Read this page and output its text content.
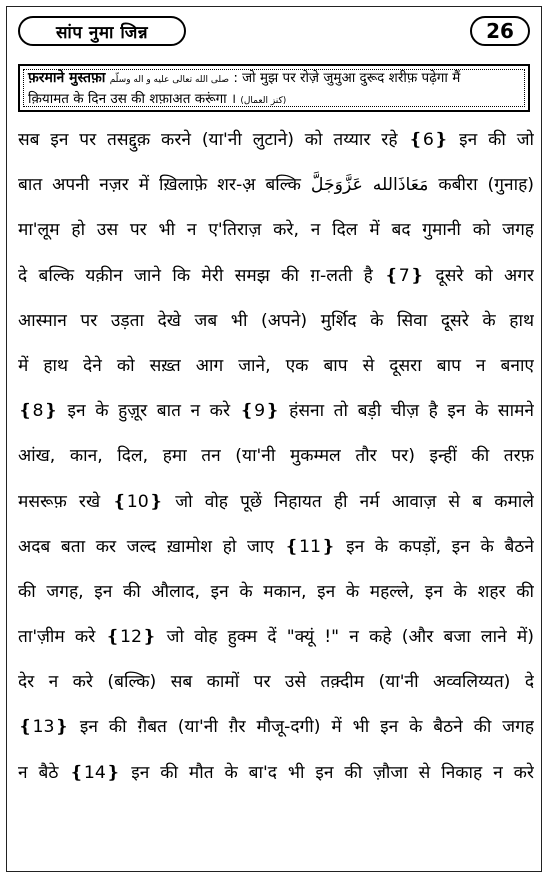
सांप नुमा जिन्न	26
फ़रमाने मुस्तफ़ा صلى الله تعالى عليه و اله وسلّم : जो मुझ पर रोज़े जुमुआ दुरूद शरीफ़ पढ़ेगा मैं
क़ियामत के दिन उस की शफ़ाअत करूंगा । (کنز العمال)
सब इन पर तसद्दुक़ करने (या'नी लुटाने) को तय्यार रहे ❴6❵ इन की जो
बात अपनी नज़र में ख़िलाफ़े शर-अ़ बल्कि مَعَاذَالله عَزَّوَجَلَّ कबीरा (गुनाह)
मा'लूम हो उस पर भी न ए'तिराज़ करे, न दिल में बद गुमानी को जगह
दे बल्कि यक़ीन जाने कि मेरी समझ की ग़-लती है ❴7❵ दूसरे को अगर
आस्मान पर उड़ता देखे जब भी (अपने) मुर्शिद के सिवा दूसरे के हाथ
में हाथ देने को सख़्त आग जाने, एक बाप से दूसरा बाप न बनाए
❴8❵ इन के हुज़ूर बात न करे ❴9❵ हंसना तो बड़ी चीज़ है इन के सामने
आंख, कान, दिल, हमा तन (या'नी मुकम्मल तौर पर) इन्हीं की तरफ़
मसरूफ़ रखे ❴10❵ जो वोह पूछें निहायत ही नर्म आवाज़ से ब कमाले
अदब बता कर जल्द ख़ामोश हो जाए ❴11❵ इन के कपड़ों, इन के बैठने
की जगह, इन की औलाद, इन के मकान, इन के महल्ले, इन के शहर की
ता'ज़ीम करे ❴12❵ जो वोह हुक्म दें "क्यूं !" न कहे (और बजा लाने में)
देर न करे (बल्कि) सब कामों पर उसे तक़्दीम (या'नी अव्वलिय्यत) दे
❴13❵ इन की ग़ैबत (या'नी ग़ैर मौजू-दगी) में भी इन के बैठने की जगह
न बैठे ❴14❵ इन की मौत के बा'द भी इन की ज़ौजा से निकाह न करे
